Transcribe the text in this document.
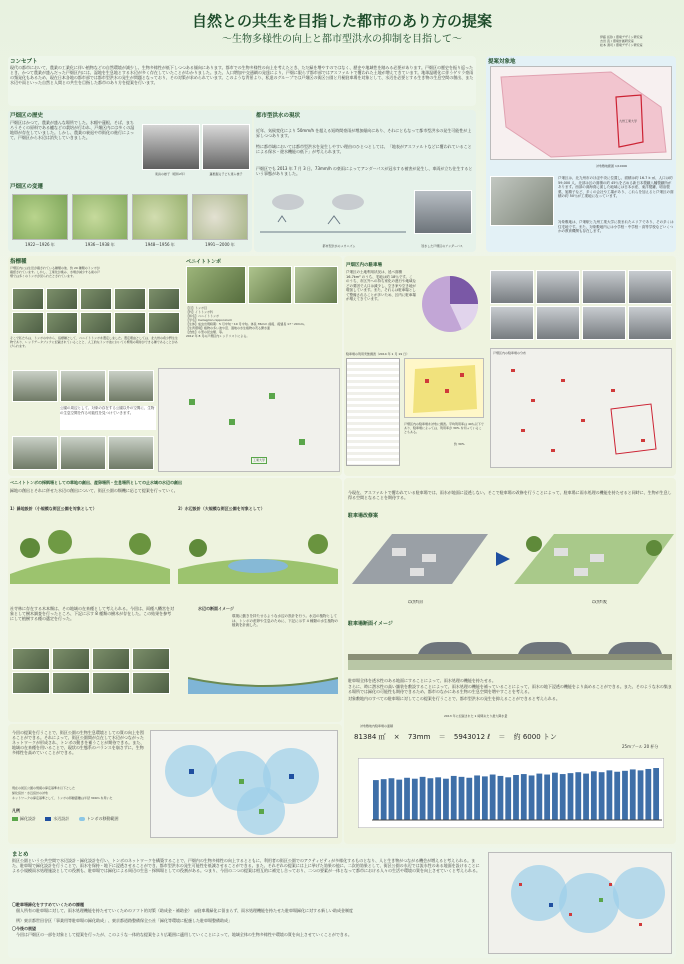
自然との共生を目指した都市のあり方の提案
～生物多様性の向上と都市型洪水の抑制を目指して～	伊藤 拓弥 / 環境デザイン研究室
吉田 直 / 環境計画研究室
松本 清司 / 環境デザイン研究室
コンセプト
現代の都市において、農業の工業化に伴い植物などの自然環境が減少し、生物多様性が低下しつつある傾向にあります。都市での生物多様性の向上を考えたとき、ただ緑を増やすのではなく、歴史や地域性を踏みる必要があります。戸畑区の歴史を振り返ったとき、かつて農業が盛んだった戸畑区内には、湿地を生息地とする水辺が多く存在していたことがわかりました。また、人口増加や交通網の発達により、戸畑に限らず都市部ではアスファルトで覆われた土地が増えてきています。地球温暖化に伴うゲリラ豪雨の頻発化もあるため、現在日本各地の都市部では都市型洪水の発生が問題となっており、その対策が求められています。このような背景より、私達のグループでは戸畑区の街区公園と月極駐車場を対象として、水辺を必要とする生き物の生息空間の創出、また水辺や雨といった自然と人間との共生を目指した都市のあり方を提案を行います。
戸畑区の歴史
戸畑区はかつて、農業が盛んな場所でした。水稲や蓮根、そば、まちろうそくの原料である櫨などの栽培が行われ、戸畑区内には多くの湿地帯が存在していました。しかし、農業の衰退や市街化の進行によって、戸畑区から水辺は消失していきました。
東浜の様子（昭和2年）	蓮根掘る子ども達ら様子
戸畑区の変遷
1922～1926 年	1936～1938 年	1948～1956 年	1991～2000 年
都市型洪水の現状
近年、気候変化により 50mm/h を超える短時間豪雨が増加傾向にあり、それにともなって都市型洪水の発生可能性が上昇しつつあります。
特に都市域においては都市型洪水を発生しやすい理由のひとつとしては、「地表がアスファルトなどに覆われていることによる保水・遊水機能の低下」が考えられます。
戸畑区でも 2013 年 7 月 3 日、73mm/h の豪雨によってアンダーパスが冠水する被害が発生し、車両が立ち往生するという事態がありました。
都市型洪水のメカニズム	冠水した戸畑区のアンダーパス
提案対象地
九州工業大学
対象敷地範囲 1/10000
戸畑区は、北九州市のほぼ中央に位置し、面積は約 16.7 k ㎡、人口は約 59,000 人、北部は区の面積の約 45％を占める新日本製鐵八幡製鐵所があります。西部の洞海湾に面した地域には日本水産、東洋製罐、明治製菓、旭精子など、多くの会社や工場があり、これらを加えると戸畑区の面積の約 50％が工業地になっています。
対象敷地は、戸畑駅と九州工業大学に挟まれたエリアであり、その多くは住宅地です。また、対象敷地内には小学校・中学校・高等学校などいくつかの教育機関も存在します。
指標種
戸畑区内には生息が確されている種類の他、約 20 種類のトンボが確認されています。しかし、工業化が進み、水場が減少する前の戸畑では多くのトンボが見られたとされています。
そこで私たちは、トンボの中から、指標種として、ベニイトトンボを選定しました。選定理由としては、北九州の希少野生生物であり、レッドデータブックに記載されていることと、人工的なトンボ池においても繁殖の期待ができる種であることがあげられます。
ベニイトトンボ
【目】トンボ目
【科】イトトンボ科
【和名】ベニイトトンボ
【学名】Ceriagrion nipponicum
【生体】成虫出現時期：5 月中旬～10 月中旬。体長 35mm 前後、後翅長 17～20mm。
【生育環境】植物の多い池や沼、湿地の水生植物の茂る開水面
【食性】小型の昆虫類、等。
2012 年 8 月の戸畑区内レッドリストによる。
公園の周辺として、対象の存在する公園以外の空間に、生物の生息空間を作る可能性を見つけていきます。
工業大学
ベニイトトンボの採餌場としての草地の創出、産卵場所・生息場所としての止水域の水辺の創出
緑地の創出とそれに併せた水辺の創出について、街区公園の類機に応じて提案を行っていく。
1）緑地設計（小規模な街区公園を対象として）	2）水辺設計（大規模な街区公園を対象として）
社寺林に存在する木本類は、その地域の在来種として考えられる。今回は、両種八幡宮を対象として樹木調査を行ったところ、下記に示す 8 種類の樹木が存在した。この結果を参考にして植樹する種の選定を行った。
水辺の断面イメージ
環境に動きを持たせるような水辺の設計を行う。水辺の植物としては、トンボの産卵や生息のために、下記に示す 4 種類の水生植物の植栽を計画した。
今回の提案を行うことで、街区公園の生物生息環境としての質の向上を図ることができる。それによって、街区公園間が点在して水辺がつながったネットワークが形成され、トンボの動きを補うことが期待できる。また、地域の在来種を用いることで、現状の生態系のバランスを崩さずに、生物多様性を高めていくことができる。
現在の街区公園の規模の算定基準を以下とした
緑化設計・水辺設計の対象
ネットワークの算定基準として、トンボの移動距離は半径 300m を用いた
凡例
緑化設計	水辺設計	トンボの移動範囲
戸畑区内の駐車場
戸畑区の土地利用状況は、延べ面積 16.7km² のうち、宅地は約 18％です。このうち、市区外への持ち家化の進行や地域などの要因で人口は減少し、空き家や空き地が増加しています。また、それらは駐車場として整備されることが多いため、区内に駐車場が増えてきています。
駐車場の利用実態調査（2014 年 1 月 19 日）
戸畑区内の駐車場を対象に調査。平均利用率は 40％以下であり、駐車場によっては、利用率が 30% を切っていることもある。
約 30%
戸畑区内の駐車場の分布
今現在、アスファルトで覆われている駐車場では、雨水が地面に浸透しない。そこで駐車場の改修を行うことによって、駐車場に雨水処理の機能を持たせると同時に、生物が生息し得る空間となることを期待する。
駐車場改修案
改修前	改修後
駐車場断面イメージ
駐車場全体を透水性のある地面にすることによって、雨水処理の機能を持たせる。
さらに、時に潜水性の高い舗装を敷設することによって、雨水処理の機能を補っていることによって、雨水の地下浸透の機能をより高めることができる。また、そのような水の集まる場所では緑化の可能性も期待できるため、都市のなかにある生物の生息空間を増やすことを考える。
対象敷地内のすべての駐車場に対してこの提案を行うことで、都市型洪水の発生を抑えることができると考えられる。
対象敷地内駐車場の面積
2013 年に記録された 1 時間あたり最大降水量
81384 ㎡ × 73mm ＝ 5943012 ℓ ＝ 約 6000 トン
25mプール 20 杯分
まとめ
街区公園という公共空間で水辺設計・緑化設計を行い、トンボのネットワークを構築することで、戸畑内の生物多様性の向上するとともに、利用者の街区公園でのアクティビティが多様化するものとなり、人と生き物がつながる機会が増えると考えられる。また、駐車場で緑化設計を行うことで、雨水を保持・地下に浸透させることができ、都市型洪水の発生可能性を低減させることができる。また、それぞれの提案には上に挙げた効果の他に、二次的効果として、街区公園の水辺では流水性のある地面を設けることによる小規模雨水処理施設としての役割も、駐車場では緑化による周辺の生息・採餌場としての役割がある。つまり、今回の二つの提案は相互的に補完し合っており、二つの要素が一体となって都市における人々の生活や環境の質を向上させていくと考えられる。
〇駐車場緑化をすすめていくための課題
個人所有の駐車場に対して、雨水処理機能を持たせていくためのソフト的対策（助成金・補助金）　◎駐車場緑化に留まらず、雨水処理機能を持たせた駐車場緑化に対する新しい助成金制度
例）東京都世田谷区「事業用等駐車場の緑化助成」、東京都道路整備保全公社「緑化等環境に配慮した駐車場整備助成」
〇今後の展望
今回は戸畑区の一部を対象として提案を行ったが、このような一体的な提案をより広範囲に適用していくことによって、地域全体の生物多様性や環境の質を向上させていくことができる。
